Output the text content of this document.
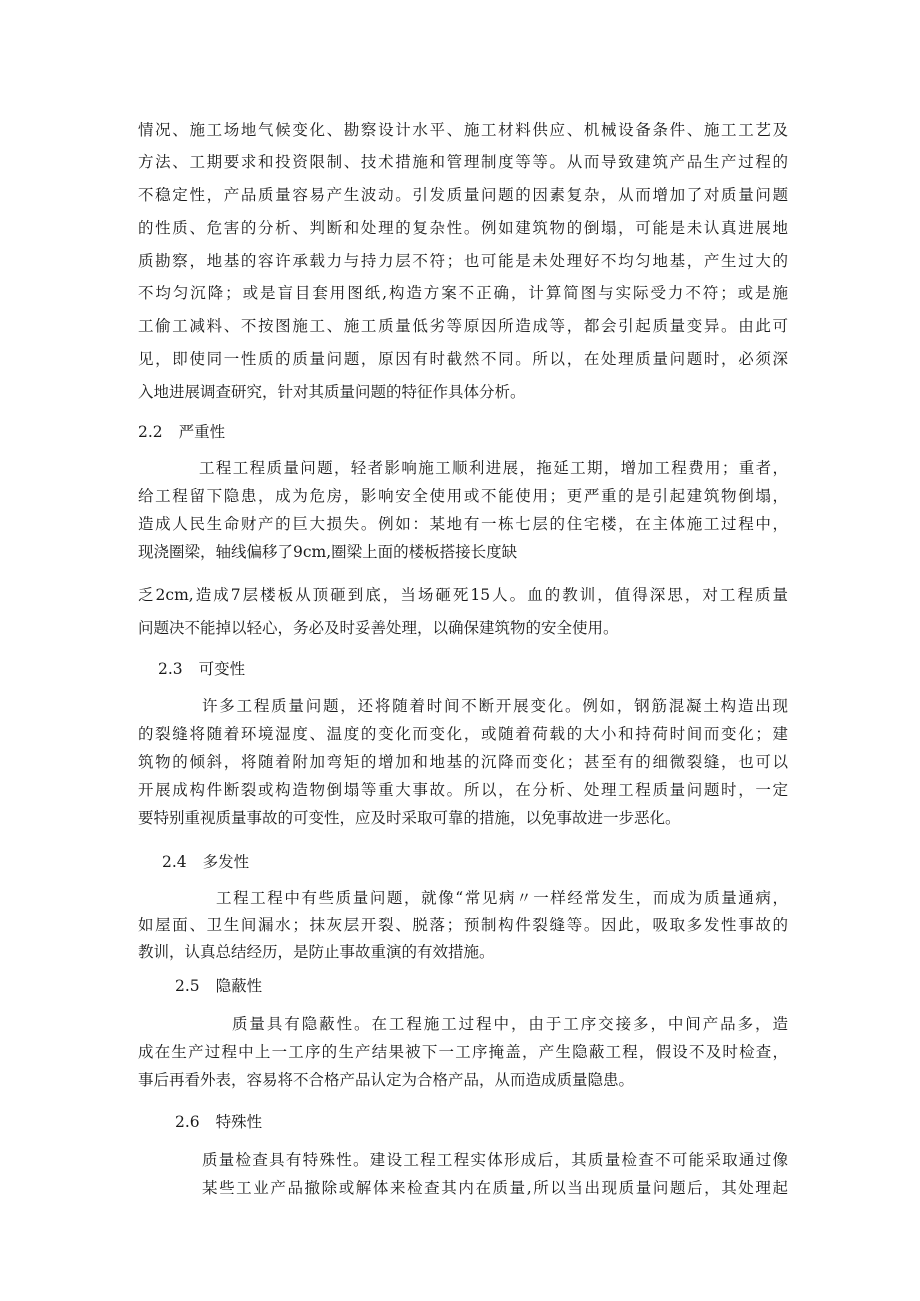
情况、施工场地气候变化、勘察设计水平、施工材料供应、机械设备条件、施工工艺及
方法、工期要求和投资限制、技术措施和管理制度等等。从而导致建筑产品生产过程的
不稳定性，产品质量容易产生波动。引发质量问题的因素复杂，从而增加了对质量问题
的性质、危害的分析、判断和处理的复杂性。例如建筑物的倒塌，可能是未认真进展地
质勘察，地基的容许承载力与持力层不符；也可能是未处理好不均匀地基，产生过大的
不均匀沉降；或是盲目套用图纸,构造方案不正确，计算简图与实际受力不符；或是施
工偷工减料、不按图施工、施工质量低劣等原因所造成等，都会引起质量变异。由此可
见，即使同一性质的质量问题，原因有时截然不同。所以，在处理质量问题时，必须深
入地进展调查研究，针对其质量问题的特征作具体分析。
2.2 严重性
工程工程质量问题，轻者影响施工顺利进展，拖延工期，增加工程费用；重者，
给工程留下隐患，成为危房，影响安全使用或不能使用；更严重的是引起建筑物倒塌，
造成人民生命财产的巨大损失。例如：某地有一栋七层的住宅楼，在主体施工过程中，
现浇圈梁，轴线偏移了9cm,圈梁上面的楼板搭接长度缺
乏2cm,造成7层楼板从顶砸到底，当场砸死15人。血的教训，值得深思，对工程质量
问题决不能掉以轻心，务必及时妥善处理，以确保建筑物的安全使用。
2.3 可变性
许多工程质量问题，还将随着时间不断开展变化。例如，钢筋混凝土构造出现
的裂缝将随着环境湿度、温度的变化而变化，或随着荷载的大小和持荷时间而变化；建
筑物的倾斜，将随着附加弯矩的增加和地基的沉降而变化；甚至有的细微裂缝，也可以
开展成构件断裂或构造物倒塌等重大事故。所以，在分析、处理工程质量问题时，一定
要特别重视质量事故的可变性，应及时采取可靠的措施，以免事故进一步恶化。
2.4 多发性
工程工程中有些质量问题，就像“常见病〃一样经常发生，而成为质量通病，
如屋面、卫生间漏水；抹灰层开裂、脱落；预制构件裂缝等。因此，吸取多发性事故的
教训，认真总结经历，是防止事故重演的有效措施。
2.5 隐蔽性
质量具有隐蔽性。在工程施工过程中，由于工序交接多，中间产品多，造
成在生产过程中上一工序的生产结果被下一工序掩盖，产生隐蔽工程，假设不及时检查，
事后再看外表，容易将不合格产品认定为合格产品，从而造成质量隐患。
2.6 特殊性
质量检查具有特殊性。建设工程工程实体形成后，其质量检查不可能采取通过像
某些工业产品撤除或解体来检查其内在质量,所以当出现质量问题后，其处理起
